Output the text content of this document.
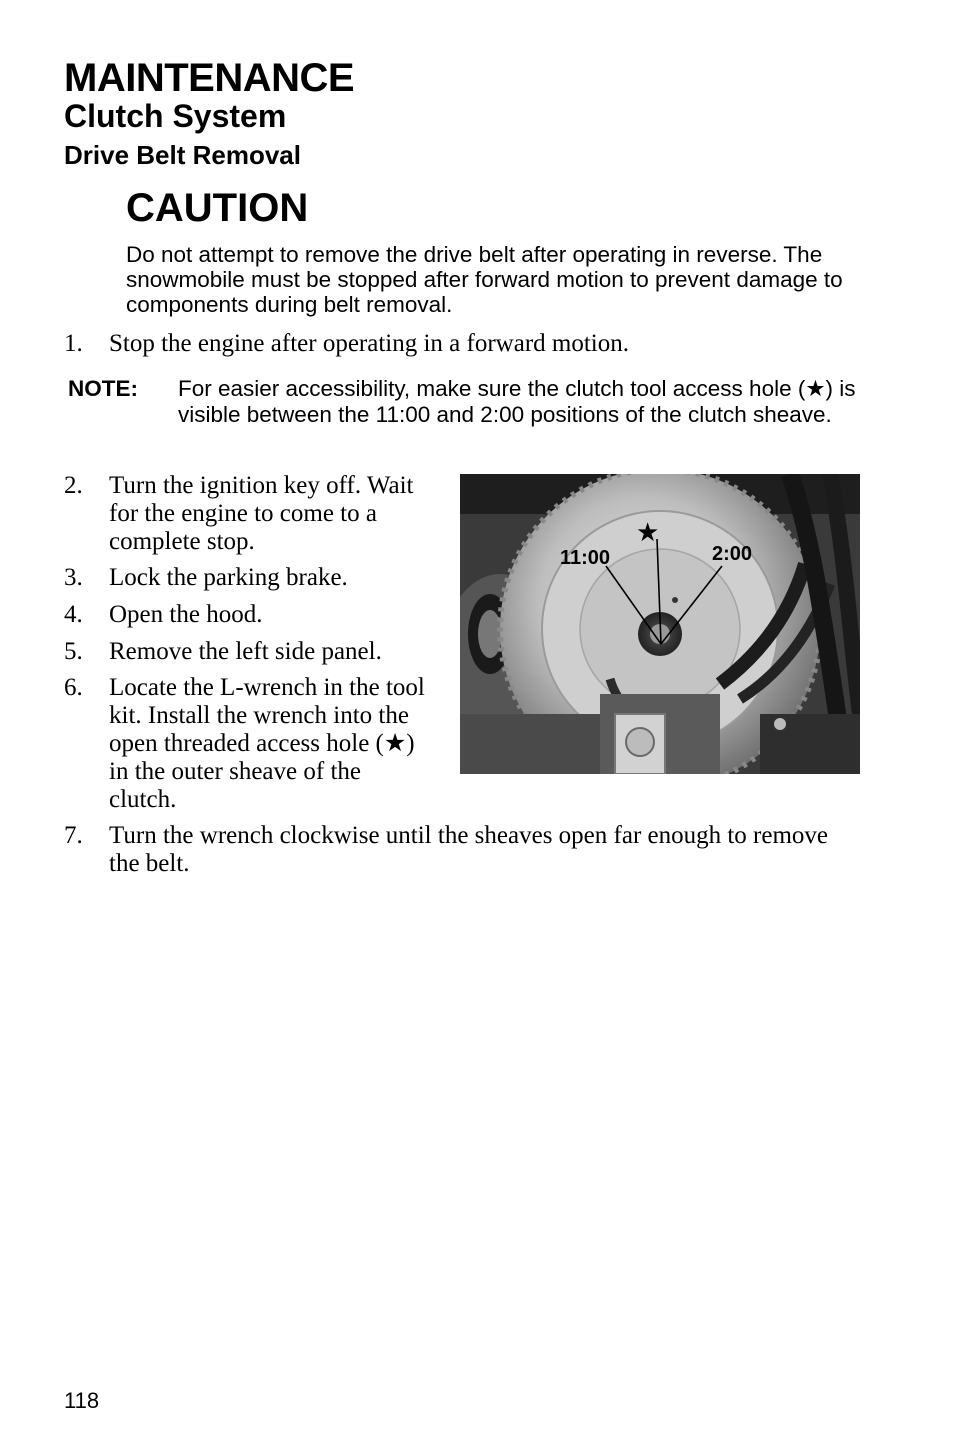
MAINTENANCE
Clutch System
Drive Belt Removal
CAUTION

Do not attempt to remove the drive belt after operating in reverse. The snowmobile must be stopped after forward motion to prevent damage to components during belt removal.

1. Stop the engine after operating in a forward motion.
NOTE: For easier accessibility, make sure the clutch tool access hole (★) is visible between the 11:00 and 2:00 positions of the clutch sheave.
2. Turn the ignition key off. Wait for the engine to come to a complete stop.
3. Lock the parking brake.
4. Open the hood.
5. Remove the left side panel.
6. Locate the L-wrench in the tool kit. Install the wrench into the open threaded access hole (★) in the outer sheave of the clutch.
11:00	2:00
★
7. Turn the wrench clockwise until the sheaves open far enough to remove the belt.
118
